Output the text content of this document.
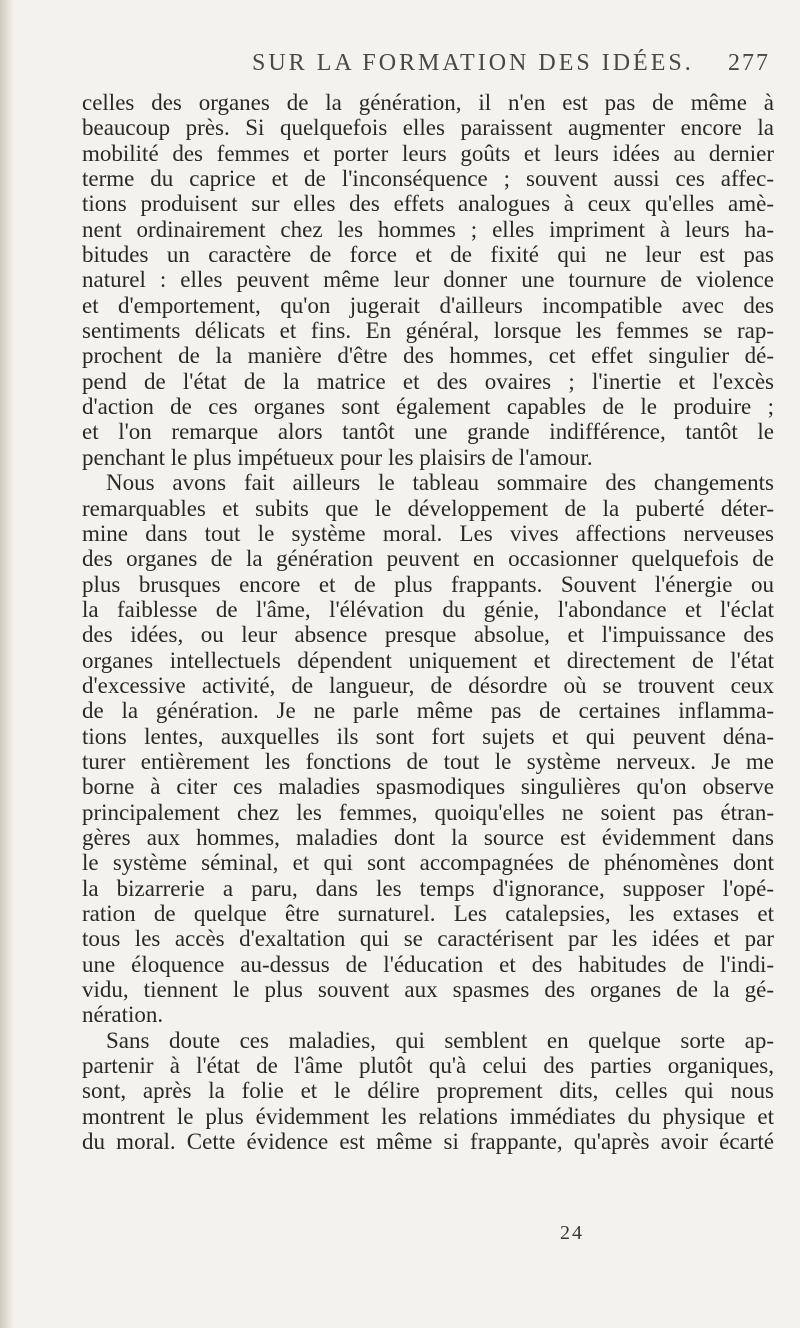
SUR LA FORMATION DES IDÉES. 277
celles des organes de la génération, il n'en est pas de même à
beaucoup près. Si quelquefois elles paraissent augmenter encore la
mobilité des femmes et porter leurs goûts et leurs idées au dernier
terme du caprice et de l'inconséquence ; souvent aussi ces affec-
tions produisent sur elles des effets analogues à ceux qu'elles amè-
nent ordinairement chez les hommes ; elles impriment à leurs ha-
bitudes un caractère de force et de fixité qui ne leur est pas
naturel : elles peuvent même leur donner une tournure de violence
et d'emportement, qu'on jugerait d'ailleurs incompatible avec des
sentiments délicats et fins. En général, lorsque les femmes se rap-
prochent de la manière d'être des hommes, cet effet singulier dé-
pend de l'état de la matrice et des ovaires ; l'inertie et l'excès
d'action de ces organes sont également capables de le produire ;
et l'on remarque alors tantôt une grande indifférence, tantôt le
penchant le plus impétueux pour les plaisirs de l'amour.
Nous avons fait ailleurs le tableau sommaire des changements
remarquables et subits que le développement de la puberté déter-
mine dans tout le système moral. Les vives affections nerveuses
des organes de la génération peuvent en occasionner quelquefois de
plus brusques encore et de plus frappants. Souvent l'énergie ou
la faiblesse de l'âme, l'élévation du génie, l'abondance et l'éclat
des idées, ou leur absence presque absolue, et l'impuissance des
organes intellectuels dépendent uniquement et directement de l'état
d'excessive activité, de langueur, de désordre où se trouvent ceux
de la génération. Je ne parle même pas de certaines inflamma-
tions lentes, auxquelles ils sont fort sujets et qui peuvent déna-
turer entièrement les fonctions de tout le système nerveux. Je me
borne à citer ces maladies spasmodiques singulières qu'on observe
principalement chez les femmes, quoiqu'elles ne soient pas étran-
gères aux hommes, maladies dont la source est évidemment dans
le système séminal, et qui sont accompagnées de phénomènes dont
la bizarrerie a paru, dans les temps d'ignorance, supposer l'opé-
ration de quelque être surnaturel. Les catalepsies, les extases et
tous les accès d'exaltation qui se caractérisent par les idées et par
une éloquence au-dessus de l'éducation et des habitudes de l'indi-
vidu, tiennent le plus souvent aux spasmes des organes de la gé-
nération.
Sans doute ces maladies, qui semblent en quelque sorte ap-
partenir à l'état de l'âme plutôt qu'à celui des parties organiques,
sont, après la folie et le délire proprement dits, celles qui nous
montrent le plus évidemment les relations immédiates du physique et
du moral. Cette évidence est même si frappante, qu'après avoir écarté
24
